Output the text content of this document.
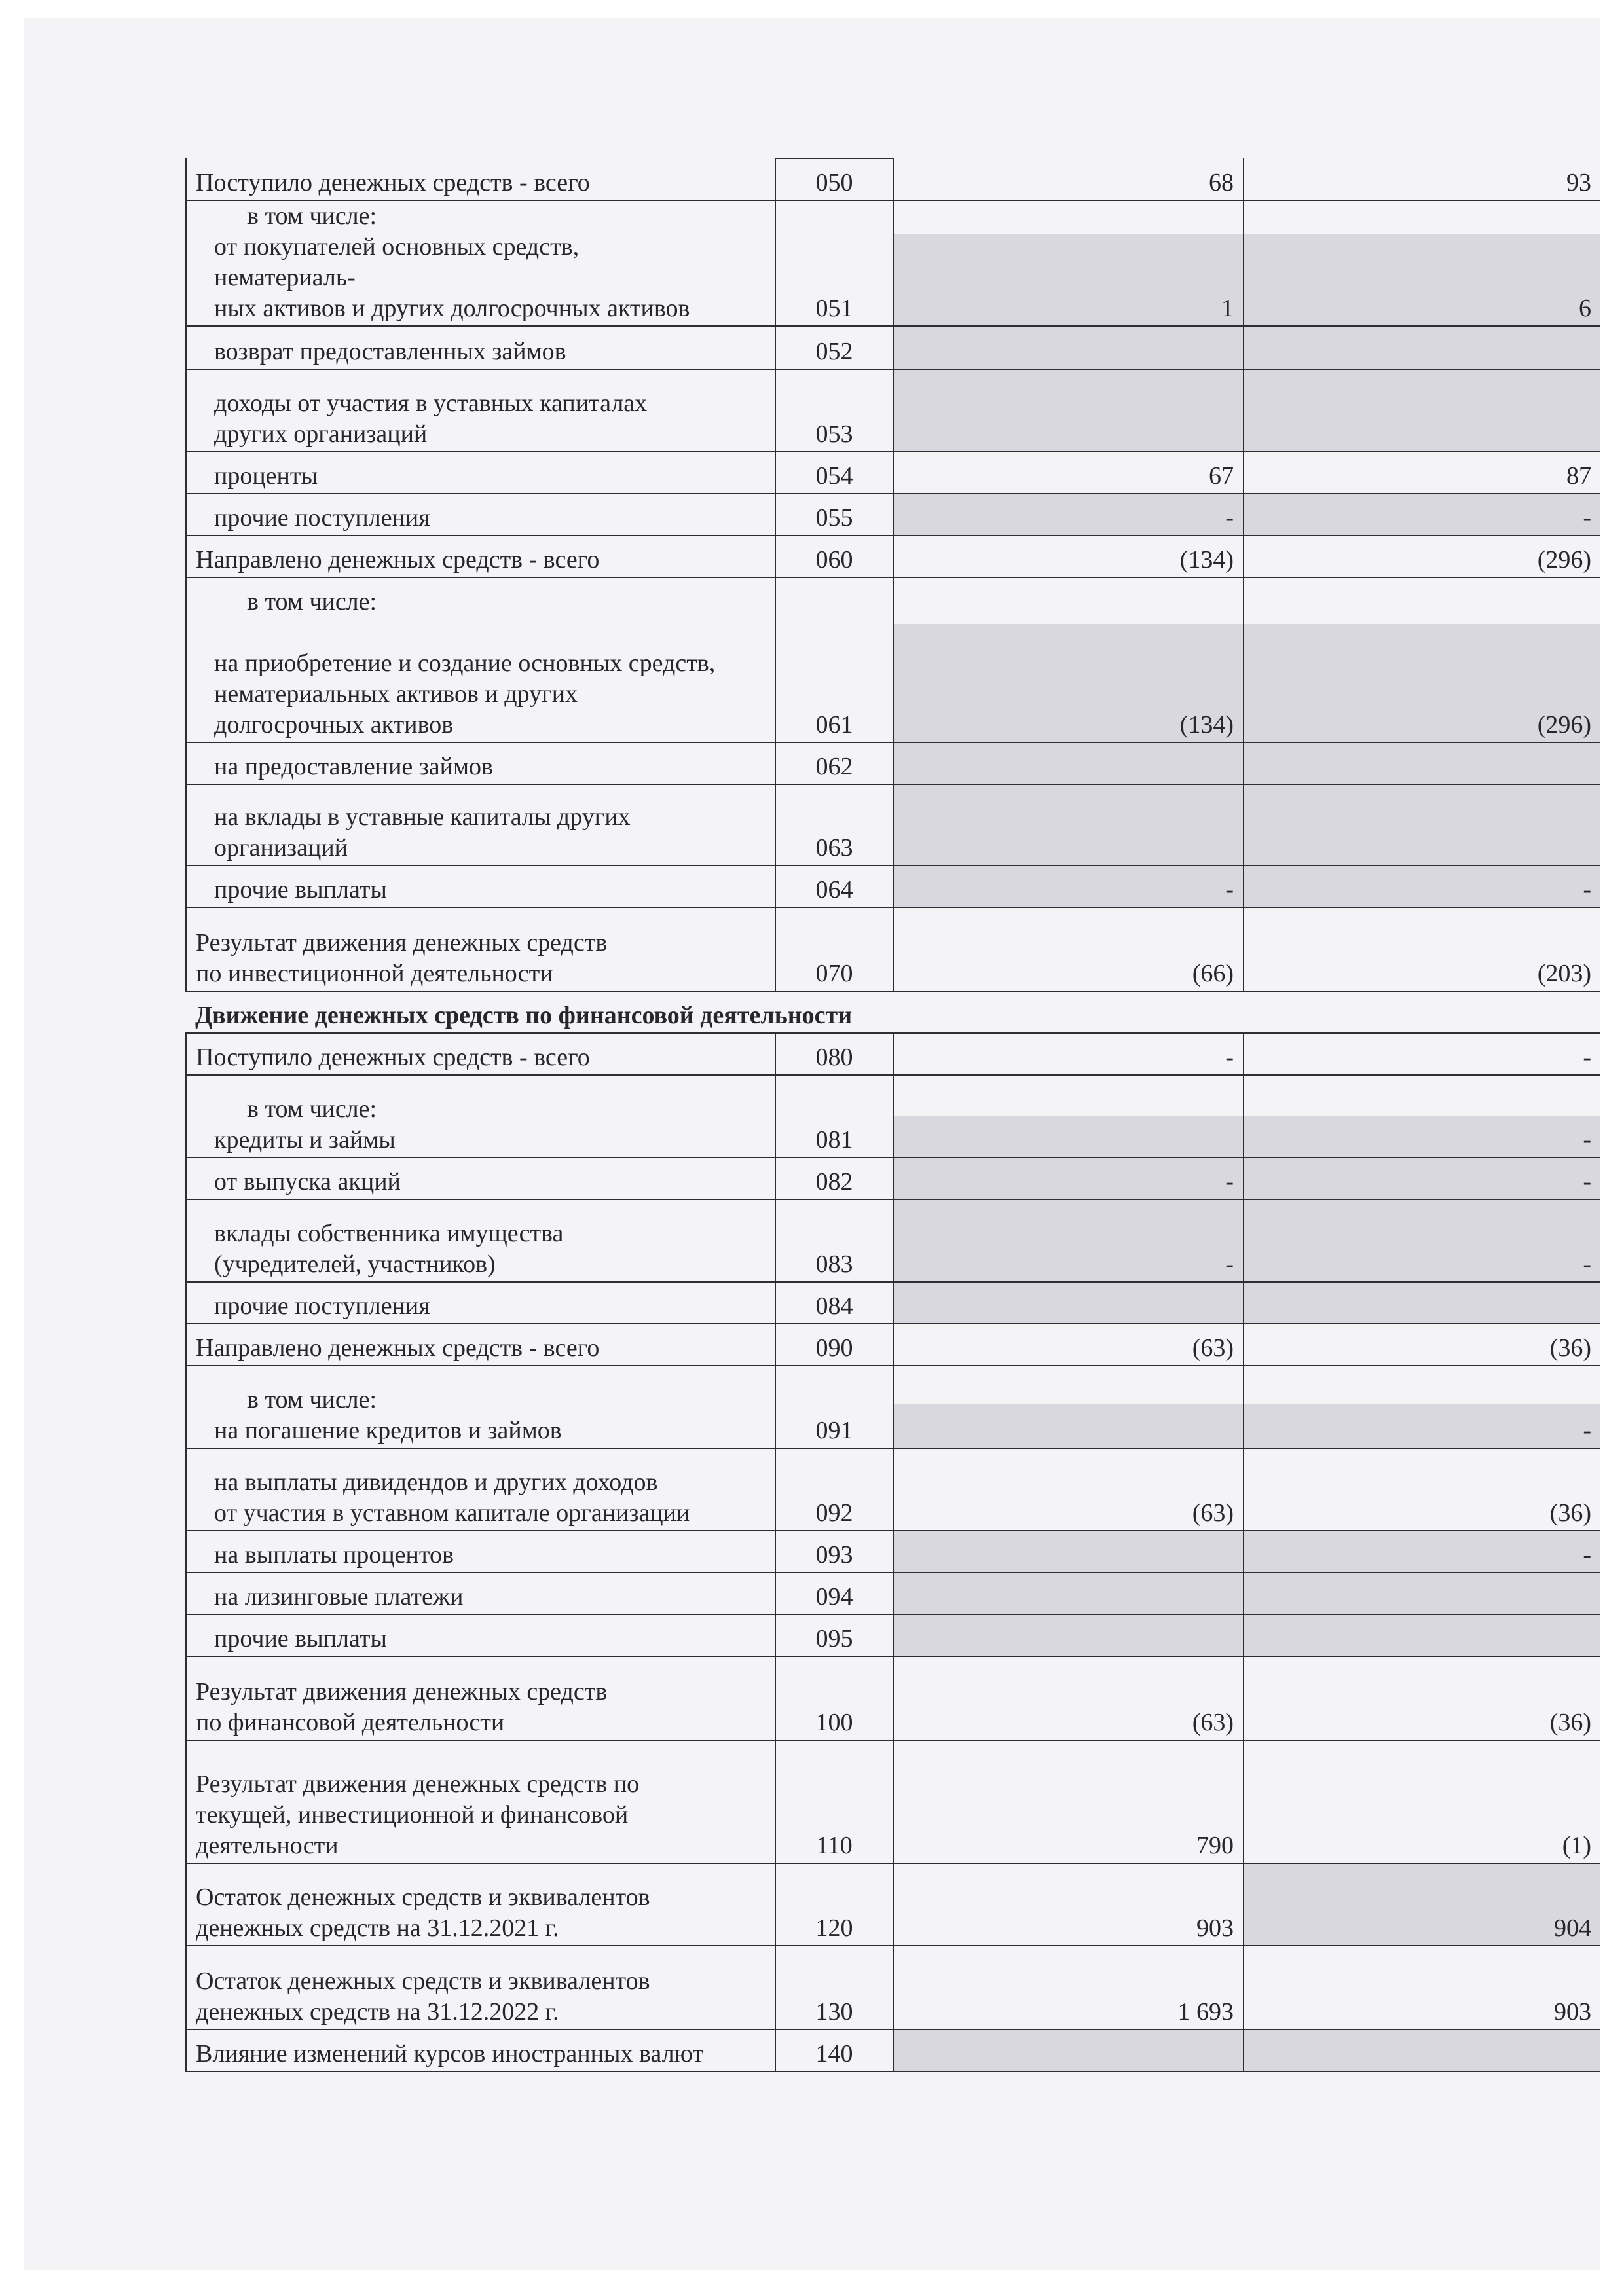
Поступило денежных средств - всего	050	68	93

в том числе:
от покупателей основных средств,
нематериаль-
ных активов и других долгосрочных активов	051	1	6

возврат предоставленных займов	052		

доходы от участия в уставных капиталах
других организаций	053		

проценты	054	67	87

прочие поступления	055	-	-

Направлено денежных средств - всего	060	(134)	(296)

в том числе:
на приобретение и создание основных средств,
нематериальных активов и других
долгосрочных активов	061	(134)	(296)

на предоставление займов	062		

на вклады в уставные капиталы других
организаций	063		

прочие выплаты	064	-	-

Результат движения денежных средств
по инвестиционной деятельности	070	(66)	(203)
Движение денежных средств по финансовой деятельности			

Поступило денежных средств - всего	080	-	-

в том числе:
кредиты и займы	081		-

от выпуска акций	082	-	-

вклады собственника имущества
(учредителей, участников)	083	-	-

прочие поступления	084		

Направлено денежных средств - всего	090	(63)	(36)

в том числе:
на погашение кредитов и займов	091		-

на выплаты дивидендов и других доходов
от участия в уставном капитале организации	092	(63)	(36)

на выплаты процентов	093		-

на лизинговые платежи	094		

прочие выплаты	095		

Результат движения денежных средств
по финансовой деятельности	100	(63)	(36)

Результат движения денежных средств по
текущей, инвестиционной и финансовой
деятельности	110	790	(1)

Остаток денежных средств и эквивалентов
денежных средств на 31.12.2021 г.	120	903	904

Остаток денежных средств и эквивалентов
денежных средств на 31.12.2022 г.	130	1 693	903

Влияние изменений курсов иностранных валют	140		
